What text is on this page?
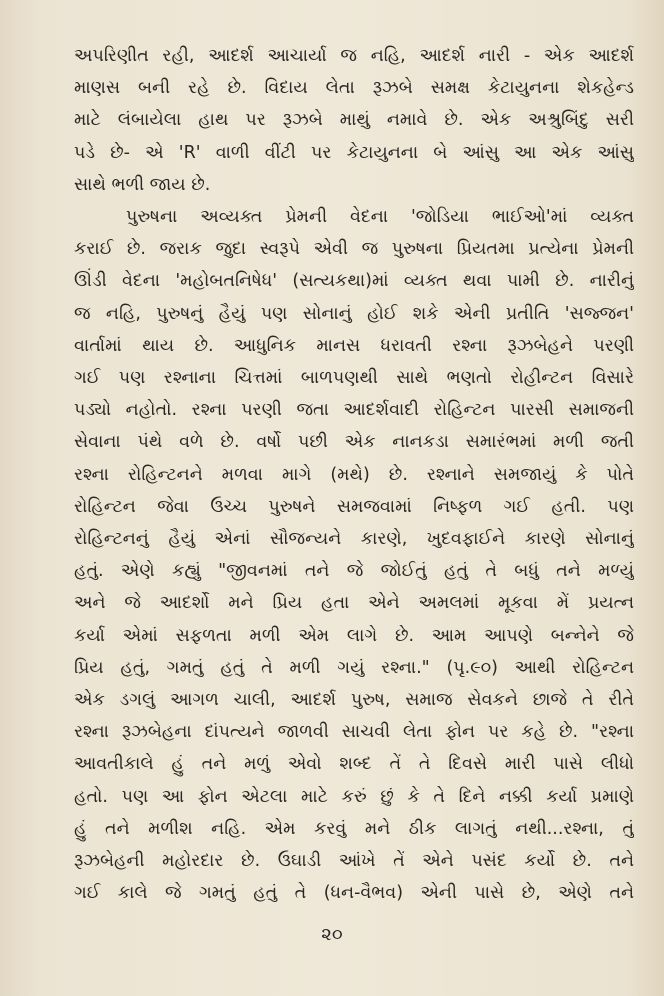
અપરિણીત રહી, આદર્શ આચાર્યા જ નહિ, આદર્શ નારી - એક આદર્શ
માણસ બની રહે છે. વિદાય લેતા રૂઝબે સમક્ષ કેટાયુનના શેકહેન્ડ
માટે લંબાયેલા હાથ પર રૂઝબે માથું નમાવે છે. એક અશ્રુબિંદુ સરી
પડે છે- એ 'R' વાળી વીંટી પર કેટાયુનના બે આંસુ આ એક આંસુ
સાથે ભળી જાય છે.
પુરુષના અવ્યક્ત પ્રેમની વેદના 'જોડિયા ભાઈઓ'માં વ્યક્ત
કરાઈ છે. જરાક જુદા સ્વરૂપે એવી જ પુરુષના પ્રિયતમા પ્રત્યેના પ્રેમની
ઊંડી વેદના 'મહોબતનિષેધ' (સત્યકથા)માં વ્યક્ત થવા પામી છે. નારીનું
જ નહિ, પુરુષનું હૈયું પણ સોનાનું હોઈ શકે એની પ્રતીતિ 'સજ્જન'
વાર્તામાં થાય છે. આધુનિક માનસ ધરાવતી રશ્ના રૂઝબેહને પરણી
ગઈ પણ રશ્નાના ચિત્તમાં બાળપણથી સાથે ભણતો રોહીન્ટન વિસારે
પડ્યો નહોતો. રશ્ના પરણી જતા આદર્શવાદી રોહિન્ટન પારસી સમાજની
સેવાના પંથે વળે છે. વર્ષો પછી એક નાનકડા સમારંભમાં મળી જતી
રશ્ના રોહિન્ટનને મળવા માગે (મથે) છે. રશ્નાને સમજાયું કે પોતે
રોહિન્ટન જેવા ઉચ્ચ પુરુષને સમજવામાં નિષ્ફળ ગઈ હતી. પણ
રોહિન્ટનનું હૈયું એનાં સૌજન્યને કારણે, ખુદવફાઈને કારણે સોનાનું
હતું. એણે કહ્યું "જીવનમાં તને જે જોઈતું હતું તે બધું તને મળ્યું
અને જે આદર્શો મને પ્રિય હતા એને અમલમાં મૂકવા મેં પ્રયત્ન
કર્યા એમાં સફળતા મળી એમ લાગે છે. આમ આપણે બન્નેને જે
પ્રિય હતું, ગમતું હતું તે મળી ગયું રશ્ના." (પૃ.૯૦) આથી રોહિન્ટન
એક ડગલું આગળ ચાલી, આદર્શ પુરુષ, સમાજ સેવકને છાજે તે રીતે
રશ્ના રૂઝબેહના દાંપત્યને જાળવી સાચવી લેતા ફોન પર કહે છે. "રશ્ના
આવતીકાલે હું તને મળું એવો શબ્દ તેં તે દિવસે મારી પાસે લીધો
હતો. પણ આ ફોન એટલા માટે કરું છું કે તે દિને નક્કી કર્યા પ્રમાણે
હું તને મળીશ નહિ. એમ કરવું મને ઠીક લાગતું નથી...રશ્ના, તું
રૂઝબેહની મહોરદાર છે. ઉઘાડી આંખે તેં એને પસંદ કર્યો છે. તને
ગઈ કાલે જે ગમતું હતું તે (ધન-વૈભવ) એની પાસે છે, એણે તને
૨૦
